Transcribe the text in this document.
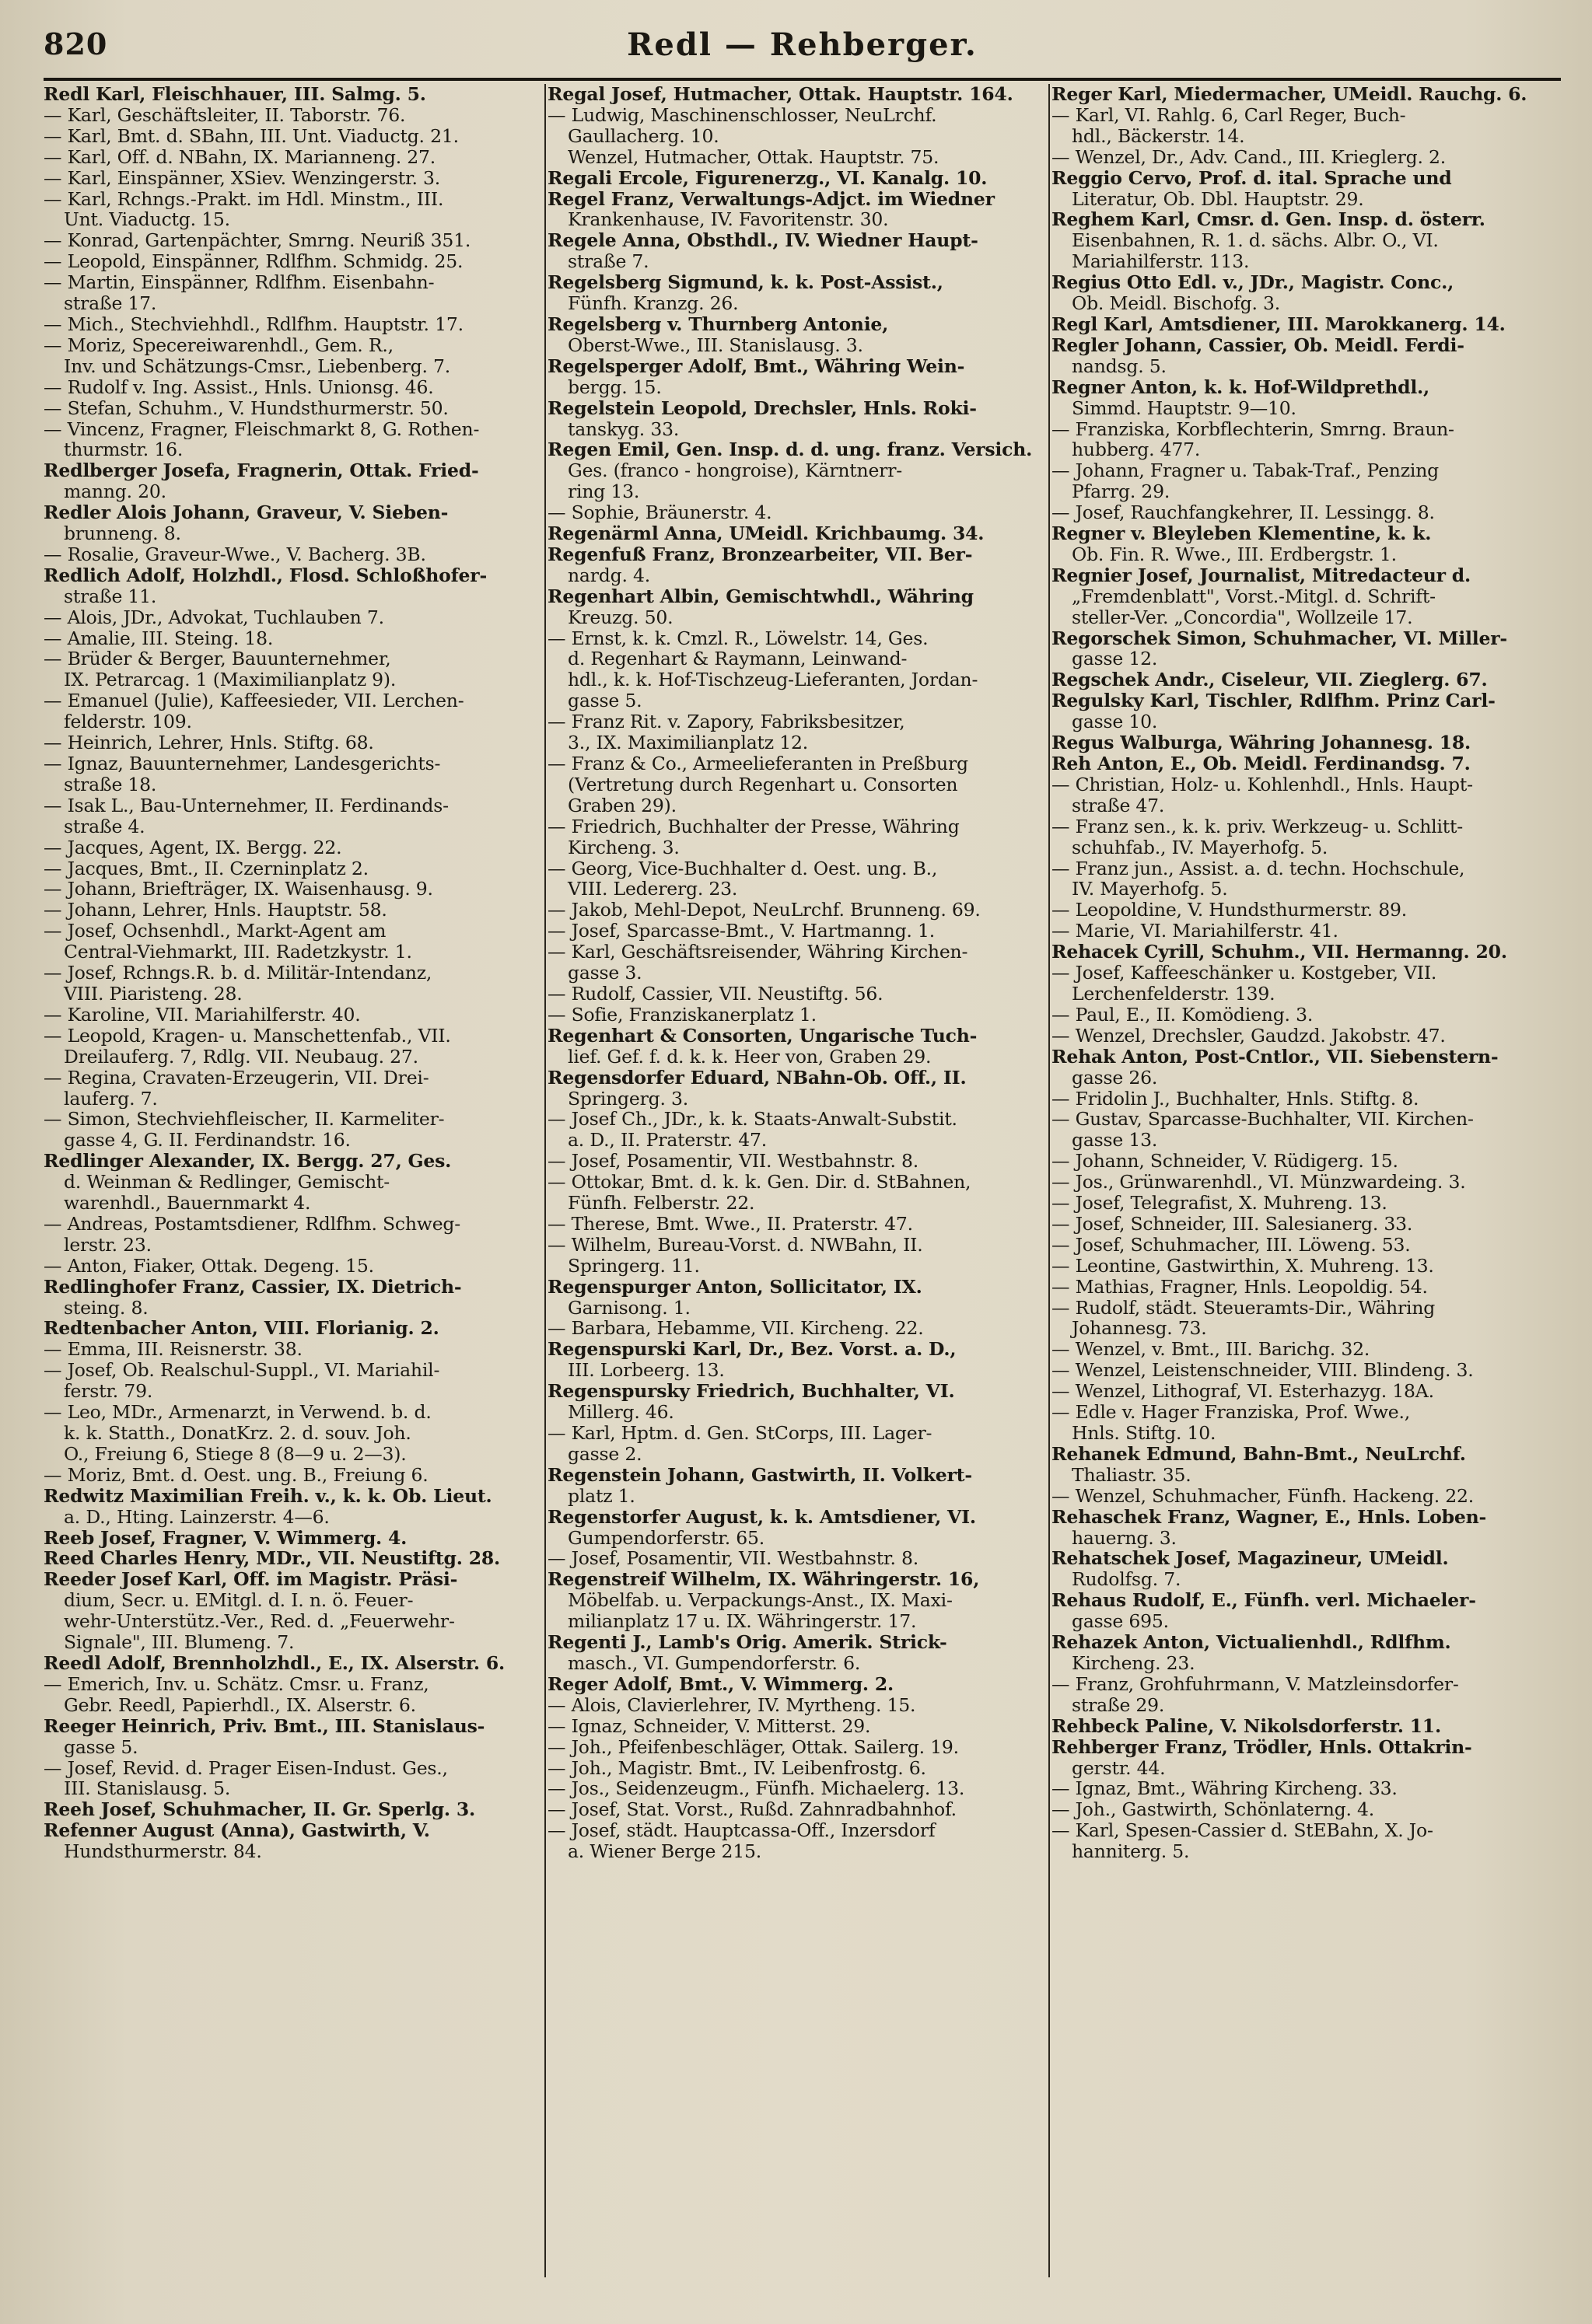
820	Redl — Rehberger.
Redl Karl, Fleischhauer, III. Salmg. 5.
— Karl, Geschäftsleiter, II. Taborstr. 76.
— Karl, Bmt. d. SBahn, III. Unt. Viaductg. 21.
— Karl, Off. d. NBahn, IX. Marianneng. 27.
— Karl, Einspänner, XSiev. Wenzingerstr. 3.
— Karl, Rchngs.-Prakt. im Hdl. Minstm., III.
Unt. Viaductg. 15.
— Konrad, Gartenpächter, Smrng. Neuriß 351.
— Leopold, Einspänner, Rdlfhm. Schmidg. 25.
— Martin, Einspänner, Rdlfhm. Eisenbahn-
straße 17.
— Mich., Stechviehhdl., Rdlfhm. Hauptstr. 17.
— Moriz, Specereiwarenhdl., Gem. R.,
Inv. und Schätzungs-Cmsr., Liebenberg. 7.
— Rudolf v. Ing. Assist., Hnls. Unionsg. 46.
— Stefan, Schuhm., V. Hundsthurmerstr. 50.
— Vincenz, Fragner, Fleischmarkt 8, G. Rothen-
thurmstr. 16.
Redlberger Josefa, Fragnerin, Ottak. Fried-
manng. 20.
Redler Alois Johann, Graveur, V. Sieben-
brunneng. 8.
— Rosalie, Graveur-Wwe., V. Bacherg. 3B.
Redlich Adolf, Holzhdl., Flosd. Schloßhofer-
straße 11.
— Alois, JDr., Advokat, Tuchlauben 7.
— Amalie, III. Steing. 18.
— Brüder & Berger, Bauunternehmer,
IX. Petrarcag. 1 (Maximilianplatz 9).
— Emanuel (Julie), Kaffeesieder, VII. Lerchen-
felderstr. 109.
— Heinrich, Lehrer, Hnls. Stiftg. 68.
— Ignaz, Bauunternehmer, Landesgerichts-
straße 18.
— Isak L., Bau-Unternehmer, II. Ferdinands-
straße 4.
— Jacques, Agent, IX. Bergg. 22.
— Jacques, Bmt., II. Czerninplatz 2.
— Johann, Briefträger, IX. Waisenhausg. 9.
— Johann, Lehrer, Hnls. Hauptstr. 58.
— Josef, Ochsenhdl., Markt-Agent am
Central-Viehmarkt, III. Radetzkystr. 1.
— Josef, Rchngs.R. b. d. Militär-Intendanz,
VIII. Piaristeng. 28.
— Karoline, VII. Mariahilferstr. 40.
— Leopold, Kragen- u. Manschettenfab., VII.
Dreilauferg. 7, Rdlg. VII. Neubaug. 27.
— Regina, Cravaten-Erzeugerin, VII. Drei-
lauferg. 7.
— Simon, Stechviehfleischer, II. Karmeliter-
gasse 4, G. II. Ferdinandstr. 16.
Redlinger Alexander, IX. Bergg. 27, Ges.
d. Weinman & Redlinger, Gemischt-
warenhdl., Bauernmarkt 4.
— Andreas, Postamtsdiener, Rdlfhm. Schweg-
lerstr. 23.
— Anton, Fiaker, Ottak. Degeng. 15.
Redlinghofer Franz, Cassier, IX. Dietrich-
steing. 8.
Redtenbacher Anton, VIII. Florianig. 2.
— Emma, III. Reisnerstr. 38.
— Josef, Ob. Realschul-Suppl., VI. Mariahil-
ferstr. 79.
— Leo, MDr., Armenarzt, in Verwend. b. d.
k. k. Statth., DonatKrz. 2. d. souv. Joh.
O., Freiung 6, Stiege 8 (8—9 u. 2—3).
— Moriz, Bmt. d. Oest. ung. B., Freiung 6.
Redwitz Maximilian Freih. v., k. k. Ob. Lieut.
a. D., Hting. Lainzerstr. 4—6.
Reeb Josef, Fragner, V. Wimmerg. 4.
Reed Charles Henry, MDr., VII. Neustiftg. 28.
Reeder Josef Karl, Off. im Magistr. Präsi-
dium, Secr. u. EMitgl. d. I. n. ö. Feuer-
wehr-Unterstütz.-Ver., Red. d. „Feuerwehr-
Signale", III. Blumeng. 7.
Reedl Adolf, Brennholzhdl., E., IX. Alserstr. 6.
— Emerich, Inv. u. Schätz. Cmsr. u. Franz,
Gebr. Reedl, Papierhdl., IX. Alserstr. 6.
Reeger Heinrich, Priv. Bmt., III. Stanislaus-
gasse 5.
— Josef, Revid. d. Prager Eisen-Indust. Ges.,
III. Stanislausg. 5.
Reeh Josef, Schuhmacher, II. Gr. Sperlg. 3.
Refenner August (Anna), Gastwirth, V.
Hundsthurmerstr. 84.
Regal Josef, Hutmacher, Ottak. Hauptstr. 164.
— Ludwig, Maschinenschlosser, NeuLrchf.
Gaullacherg. 10.
Wenzel, Hutmacher, Ottak. Hauptstr. 75.
Regali Ercole, Figurenerzg., VI. Kanalg. 10.
Regel Franz, Verwaltungs-Adjct. im Wiedner
Krankenhause, IV. Favoritenstr. 30.
Regele Anna, Obsthdl., IV. Wiedner Haupt-
straße 7.
Regelsberg Sigmund, k. k. Post-Assist.,
Fünfh. Kranzg. 26.
Regelsberg v. Thurnberg Antonie,
Oberst-Wwe., III. Stanislausg. 3.
Regelsperger Adolf, Bmt., Währing Wein-
bergg. 15.
Regelstein Leopold, Drechsler, Hnls. Roki-
tanskyg. 33.
Regen Emil, Gen. Insp. d. d. ung. franz. Versich.
Ges. (franco - hongroise), Kärntnerr-
ring 13.
— Sophie, Bräunerstr. 4.
Regenärml Anna, UMeidl. Krichbaumg. 34.
Regenfuß Franz, Bronzearbeiter, VII. Ber-
nardg. 4.
Regenhart Albin, Gemischtwhdl., Währing
Kreuzg. 50.
— Ernst, k. k. Cmzl. R., Löwelstr. 14, Ges.
d. Regenhart & Raymann, Leinwand-
hdl., k. k. Hof-Tischzeug-Lieferanten, Jordan-
gasse 5.
— Franz Rit. v. Zapory, Fabriksbesitzer,
3., IX. Maximilianplatz 12.
— Franz & Co., Armeelieferanten in Preßburg
(Vertretung durch Regenhart u. Consorten
Graben 29).
— Friedrich, Buchhalter der Presse, Währing
Kircheng. 3.
— Georg, Vice-Buchhalter d. Oest. ung. B.,
VIII. Ledererg. 23.
— Jakob, Mehl-Depot, NeuLrchf. Brunneng. 69.
— Josef, Sparcasse-Bmt., V. Hartmanng. 1.
— Karl, Geschäftsreisender, Währing Kirchen-
gasse 3.
— Rudolf, Cassier, VII. Neustiftg. 56.
— Sofie, Franziskanerplatz 1.
Regenhart & Consorten, Ungarische Tuch-
lief. Gef. f. d. k. k. Heer von, Graben 29.
Regensdorfer Eduard, NBahn-Ob. Off., II.
Springerg. 3.
— Josef Ch., JDr., k. k. Staats-Anwalt-Substit.
a. D., II. Praterstr. 47.
— Josef, Posamentir, VII. Westbahnstr. 8.
— Ottokar, Bmt. d. k. k. Gen. Dir. d. StBahnen,
Fünfh. Felberstr. 22.
— Therese, Bmt. Wwe., II. Praterstr. 47.
— Wilhelm, Bureau-Vorst. d. NWBahn, II.
Springerg. 11.
Regenspurger Anton, Sollicitator, IX.
Garnisong. 1.
— Barbara, Hebamme, VII. Kircheng. 22.
Regenspurski Karl, Dr., Bez. Vorst. a. D.,
III. Lorbeerg. 13.
Regenspursky Friedrich, Buchhalter, VI.
Millerg. 46.
— Karl, Hptm. d. Gen. StCorps, III. Lager-
gasse 2.
Regenstein Johann, Gastwirth, II. Volkert-
platz 1.
Regenstorfer August, k. k. Amtsdiener, VI.
Gumpendorferstr. 65.
— Josef, Posamentir, VII. Westbahnstr. 8.
Regenstreif Wilhelm, IX. Währingerstr. 16,
Möbelfab. u. Verpackungs-Anst., IX. Maxi-
milianplatz 17 u. IX. Währingerstr. 17.
Regenti J., Lamb's Orig. Amerik. Strick-
masch., VI. Gumpendorferstr. 6.
Reger Adolf, Bmt., V. Wimmerg. 2.
— Alois, Clavierlehrer, IV. Myrtheng. 15.
— Ignaz, Schneider, V. Mitterst. 29.
— Joh., Pfeifenbeschläger, Ottak. Sailerg. 19.
— Joh., Magistr. Bmt., IV. Leibenfrostg. 6.
— Jos., Seidenzeugm., Fünfh. Michaelerg. 13.
— Josef, Stat. Vorst., Rußd. Zahnradbahnhof.
— Josef, städt. Hauptcassa-Off., Inzersdorf
a. Wiener Berge 215.
Reger Karl, Miedermacher, UMeidl. Rauchg. 6.
— Karl, VI. Rahlg. 6, Carl Reger, Buch-
hdl., Bäckerstr. 14.
— Wenzel, Dr., Adv. Cand., III. Krieglerg. 2.
Reggio Cervo, Prof. d. ital. Sprache und
Literatur, Ob. Dbl. Hauptstr. 29.
Reghem Karl, Cmsr. d. Gen. Insp. d. österr.
Eisenbahnen, R. 1. d. sächs. Albr. O., VI.
Mariahilferstr. 113.
Regius Otto Edl. v., JDr., Magistr. Conc.,
Ob. Meidl. Bischofg. 3.
Regl Karl, Amtsdiener, III. Marokkanerg. 14.
Regler Johann, Cassier, Ob. Meidl. Ferdi-
nandsg. 5.
Regner Anton, k. k. Hof-Wildprethdl.,
Simmd. Hauptstr. 9—10.
— Franziska, Korbflechterin, Smrng. Braun-
hubberg. 477.
— Johann, Fragner u. Tabak-Traf., Penzing
Pfarrg. 29.
— Josef, Rauchfangkehrer, II. Lessingg. 8.
Regner v. Bleyleben Klementine, k. k.
Ob. Fin. R. Wwe., III. Erdbergstr. 1.
Regnier Josef, Journalist, Mitredacteur d.
„Fremdenblatt", Vorst.-Mitgl. d. Schrift-
steller-Ver. „Concordia", Wollzeile 17.
Regorschek Simon, Schuhmacher, VI. Miller-
gasse 12.
Regschek Andr., Ciseleur, VII. Zieglerg. 67.
Regulsky Karl, Tischler, Rdlfhm. Prinz Carl-
gasse 10.
Regus Walburga, Währing Johannesg. 18.
Reh Anton, E., Ob. Meidl. Ferdinandsg. 7.
— Christian, Holz- u. Kohlenhdl., Hnls. Haupt-
straße 47.
— Franz sen., k. k. priv. Werkzeug- u. Schlitt-
schuhfab., IV. Mayerhofg. 5.
— Franz jun., Assist. a. d. techn. Hochschule,
IV. Mayerhofg. 5.
— Leopoldine, V. Hundsthurmerstr. 89.
— Marie, VI. Mariahilferstr. 41.
Rehacek Cyrill, Schuhm., VII. Hermanng. 20.
— Josef, Kaffeeschänker u. Kostgeber, VII.
Lerchenfelderstr. 139.
— Paul, E., II. Komödieng. 3.
— Wenzel, Drechsler, Gaudzd. Jakobstr. 47.
Rehak Anton, Post-Cntlor., VII. Siebenstern-
gasse 26.
— Fridolin J., Buchhalter, Hnls. Stiftg. 8.
— Gustav, Sparcasse-Buchhalter, VII. Kirchen-
gasse 13.
— Johann, Schneider, V. Rüdigerg. 15.
— Jos., Grünwarenhdl., VI. Münzwardeing. 3.
— Josef, Telegrafist, X. Muhreng. 13.
— Josef, Schneider, III. Salesianerg. 33.
— Josef, Schuhmacher, III. Löweng. 53.
— Leontine, Gastwirthin, X. Muhreng. 13.
— Mathias, Fragner, Hnls. Leopoldig. 54.
— Rudolf, städt. Steueramts-Dir., Währing
Johannesg. 73.
— Wenzel, v. Bmt., III. Barichg. 32.
— Wenzel, Leistenschneider, VIII. Blindeng. 3.
— Wenzel, Lithograf, VI. Esterhazyg. 18A.
— Edle v. Hager Franziska, Prof. Wwe.,
Hnls. Stiftg. 10.
Rehanek Edmund, Bahn-Bmt., NeuLrchf.
Thaliastr. 35.
— Wenzel, Schuhmacher, Fünfh. Hackeng. 22.
Rehaschek Franz, Wagner, E., Hnls. Loben-
hauerng. 3.
Rehatschek Josef, Magazineur, UMeidl.
Rudolfsg. 7.
Rehaus Rudolf, E., Fünfh. verl. Michaeler-
gasse 695.
Rehazek Anton, Victualienhdl., Rdlfhm.
Kircheng. 23.
— Franz, Grohfuhrmann, V. Matzleinsdorfer-
straße 29.
Rehbeck Paline, V. Nikolsdorferstr. 11.
Rehberger Franz, Trödler, Hnls. Ottakrin-
gerstr. 44.
— Ignaz, Bmt., Währing Kircheng. 33.
— Joh., Gastwirth, Schönlaterng. 4.
— Karl, Spesen-Cassier d. StEBahn, X. Jo-
hanniterg. 5.
